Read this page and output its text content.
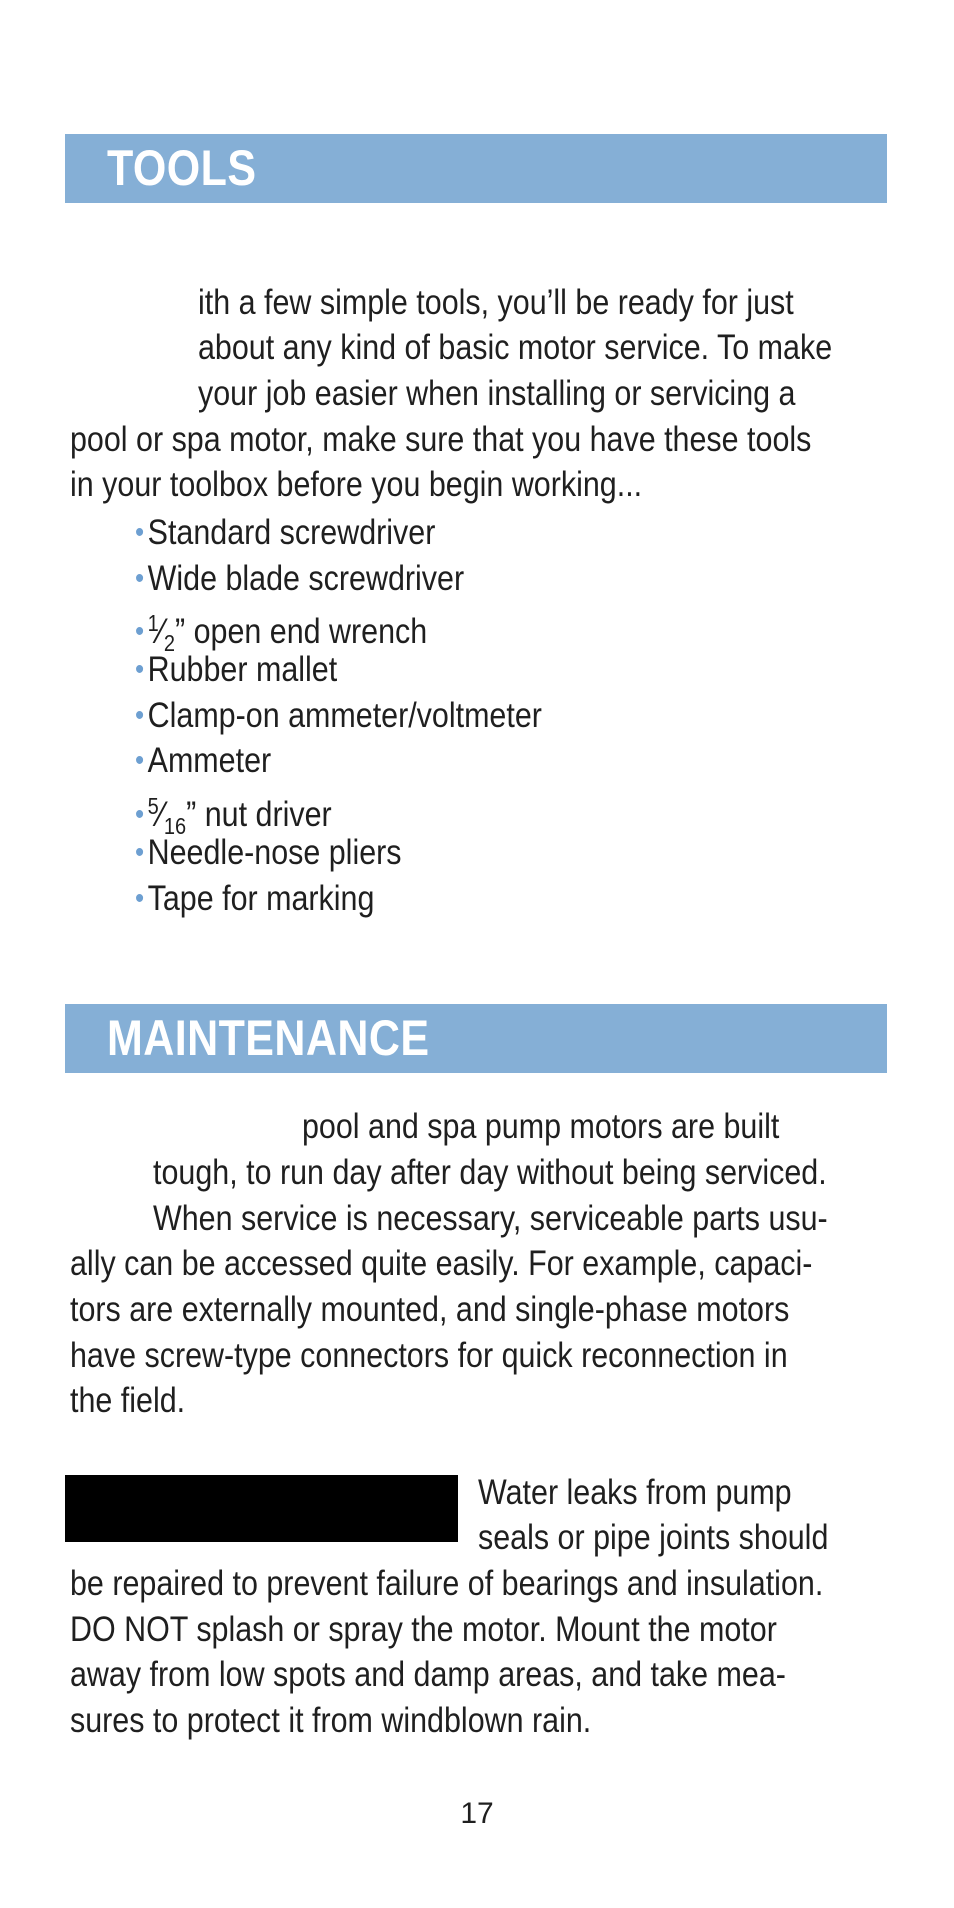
TOOLS
ith a few simple tools, you’ll be ready for just
about any kind of basic motor service. To make
your job easier when installing or servicing a
pool or spa motor, make sure that you have these tools
in your toolbox before you begin working...
•Standard screwdriver
•Wide blade screwdriver
• $^1⁄_2$” open end wrench
•Rubber mallet
•Clamp-on ammeter/voltmeter
•Ammeter
• $^5⁄_{16}$” nut driver
•Needle-nose pliers
•Tape for marking
MAINTENANCE
pool and spa pump motors are built
tough, to run day after day without being serviced.
When service is necessary, serviceable parts usu-
ally can be accessed quite easily. For example, capaci-
tors are externally mounted, and single-phase motors
have screw-type connectors for quick reconnection in
the field.
Water leaks from pump
seals or pipe joints should
be repaired to prevent failure of bearings and insulation.
DO NOT splash or spray the motor. Mount the motor
away from low spots and damp areas, and take mea-
sures to protect it from windblown rain.
17
